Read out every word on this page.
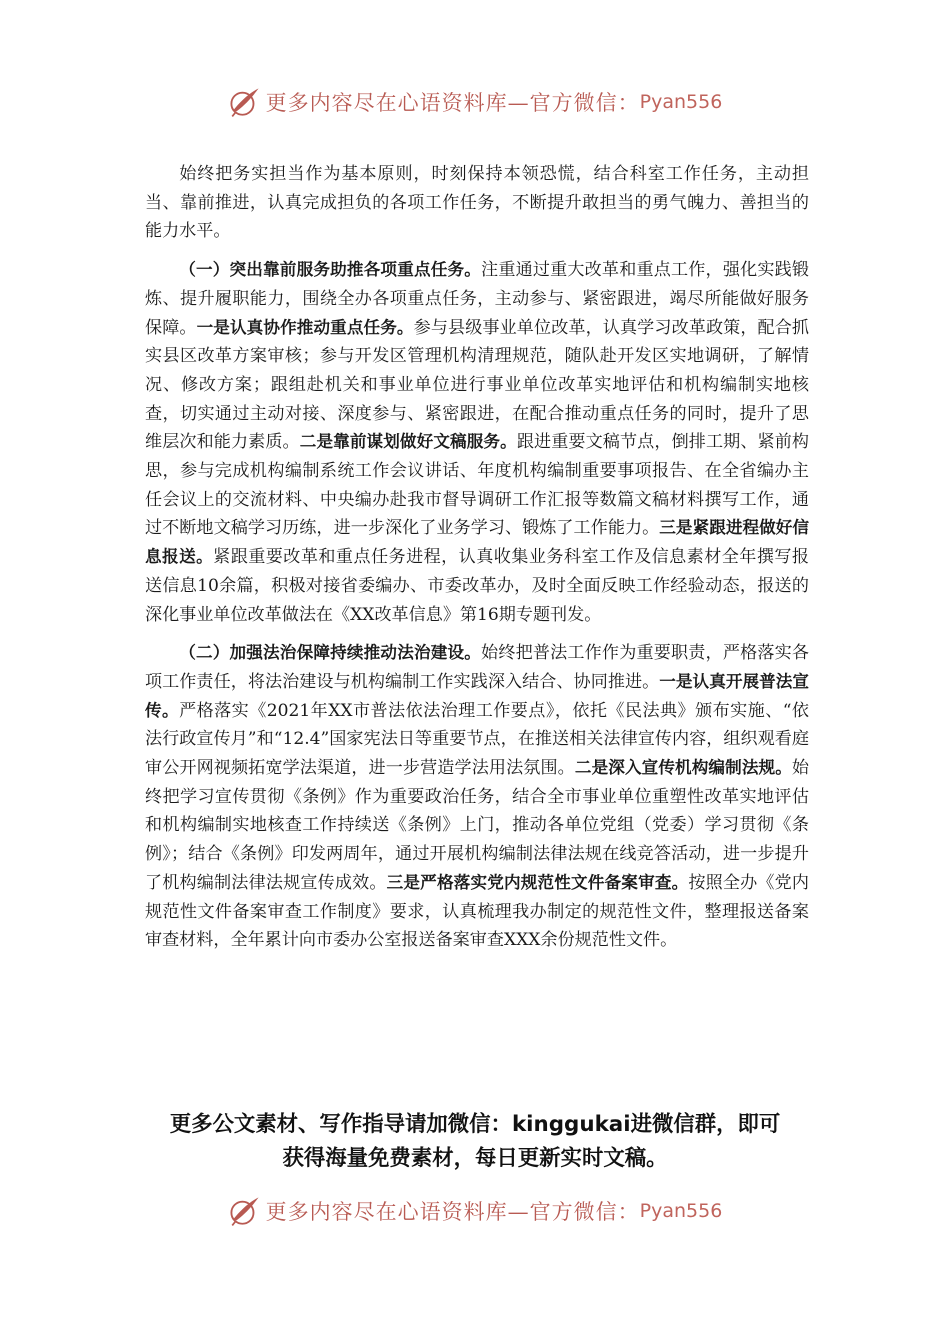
更多内容尽在心语资料库—官方微信： Pyan556

始终把务实担当作为基本原则，时刻保持本领恐慌，结合科室工作任务，主动担当、靠前推进，认真完成担负的各项工作任务，不断提升敢担当的勇气魄力、善担当的能力水平。

（一）突出靠前服务助推各项重点任务。注重通过重大改革和重点工作，强化实践锻炼、提升履职能力，围绕全办各项重点任务，主动参与、紧密跟进，竭尽所能做好服务保障。一是认真协作推动重点任务。参与县级事业单位改革，认真学习改革政策，配合抓实县区改革方案审核；参与开发区管理机构清理规范，随队赴开发区实地调研，了解情况、修改方案；跟组赴机关和事业单位进行事业单位改革实地评估和机构编制实地核查，切实通过主动对接、深度参与、紧密跟进，在配合推动重点任务的同时，提升了思维层次和能力素质。二是靠前谋划做好文稿服务。跟进重要文稿节点，倒排工期、紧前构思，参与完成机构编制系统工作会议讲话、年度机构编制重要事项报告、在全省编办主任会议上的交流材料、中央编办赴我市督导调研工作汇报等数篇文稿材料撰写工作，通过不断地文稿学习历练，进一步深化了业务学习、锻炼了工作能力。三是紧跟进程做好信息报送。紧跟重要改革和重点任务进程，认真收集业务科室工作及信息素材全年撰写报送信息10余篇，积极对接省委编办、市委改革办，及时全面反映工作经验动态，报送的深化事业单位改革做法在《XX改革信息》第16期专题刊发。

（二）加强法治保障持续推动法治建设。始终把普法工作作为重要职责，严格落实各项工作责任，将法治建设与机构编制工作实践深入结合、协同推进。一是认真开展普法宣传。严格落实《2021年XX市普法依法治理工作要点》，依托《民法典》颁布实施、“依法行政宣传月”和“12.4”国家宪法日等重要节点，在推送相关法律宣传内容，组织观看庭审公开网视频拓宽学法渠道，进一步营造学法用法氛围。二是深入宣传机构编制法规。始终把学习宣传贯彻《条例》作为重要政治任务，结合全市事业单位重塑性改革实地评估和机构编制实地核查工作持续送《条例》上门，推动各单位党组（党委）学习贯彻《条例》；结合《条例》印发两周年，通过开展机构编制法律法规在线竞答活动，进一步提升了机构编制法律法规宣传成效。三是严格落实党内规范性文件备案审查。按照全办《党内规范性文件备案审查工作制度》要求，认真梳理我办制定的规范性文件，整理报送备案审查材料，全年累计向市委办公室报送备案审查XXX余份规范性文件。

更多公文素材、写作指导请加微信：kinggukai进微信群，即可
获得海量免费素材，每日更新实时文稿。
更多内容尽在心语资料库—官方微信： Pyan556
